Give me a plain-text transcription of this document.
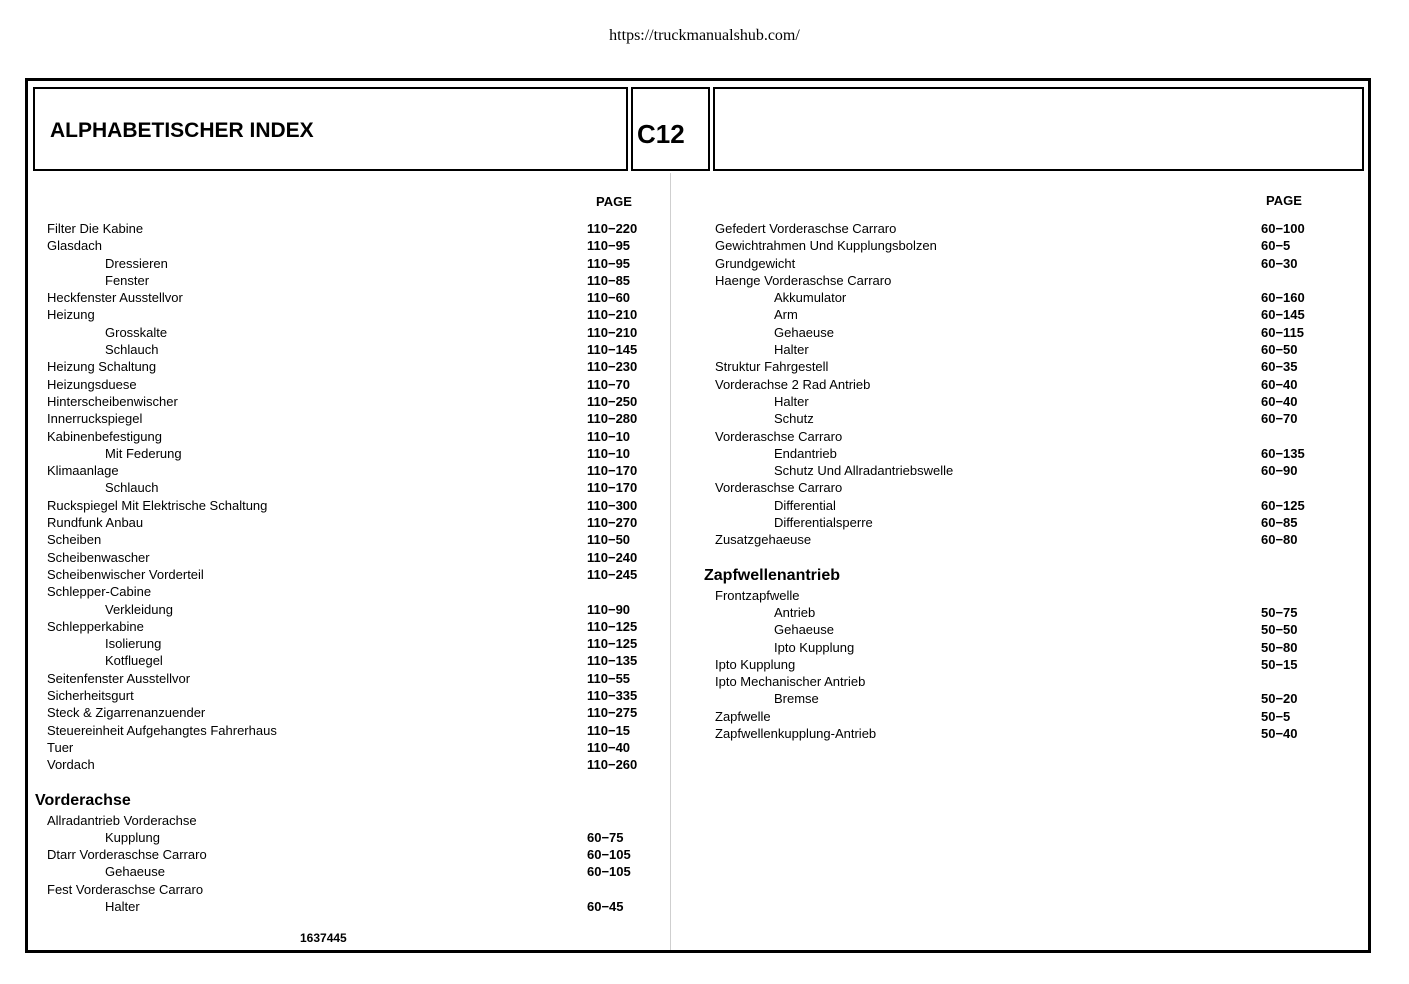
https://truckmanualshub.com/
ALPHABETISCHER INDEX	C12
PAGE	PAGE
Filter Die Kabine	110−220
Glasdach	110−95
Dressieren	110−95
Fenster	110−85
Heckfenster Ausstellvor	110−60
Heizung	110−210
Grosskalte	110−210
Schlauch	110−145
Heizung Schaltung	110−230
Heizungsduese	110−70
Hinterscheibenwischer	110−250
Innerruckspiegel	110−280
Kabinenbefestigung	110−10
Mit Federung	110−10
Klimaanlage	110−170
Schlauch	110−170
Ruckspiegel Mit Elektrische Schaltung	110−300
Rundfunk Anbau	110−270
Scheiben	110−50
Scheibenwascher	110−240
Scheibenwischer Vorderteil	110−245
Schlepper-Cabine
Verkleidung	110−90
Schlepperkabine	110−125
Isolierung	110−125
Kotfluegel	110−135
Seitenfenster Ausstellvor	110−55
Sicherheitsgurt	110−335
Steck & Zigarrenanzuender	110−275
Steuereinheit Aufgehangtes Fahrerhaus	110−15
Tuer	110−40
Vordach	110−260
Vorderachse
Allradantrieb Vorderachse
Kupplung	60−75
Dtarr Vorderaschse Carraro	60−105
Gehaeuse	60−105
Fest Vorderaschse Carraro
Halter	60−45
Gefedert Vorderaschse Carraro	60−100
Gewichtrahmen Und Kupplungsbolzen	60−5
Grundgewicht	60−30
Haenge Vorderaschse Carraro
Akkumulator	60−160
Arm	60−145
Gehaeuse	60−115
Halter	60−50
Struktur Fahrgestell	60−35
Vorderachse 2 Rad Antrieb	60−40
Halter	60−40
Schutz	60−70
Vorderaschse Carraro
Endantrieb	60−135
Schutz Und Allradantriebswelle	60−90
Vorderaschse Carraro
Differential	60−125
Differentialsperre	60−85
Zusatzgehaeuse	60−80
Zapfwellenantrieb
Frontzapfwelle
Antrieb	50−75
Gehaeuse	50−50
Ipto Kupplung	50−80
Ipto Kupplung	50−15
Ipto Mechanischer Antrieb
Bremse	50−20
Zapfwelle	50−5
Zapfwellenkupplung-Antrieb	50−40
1637445
